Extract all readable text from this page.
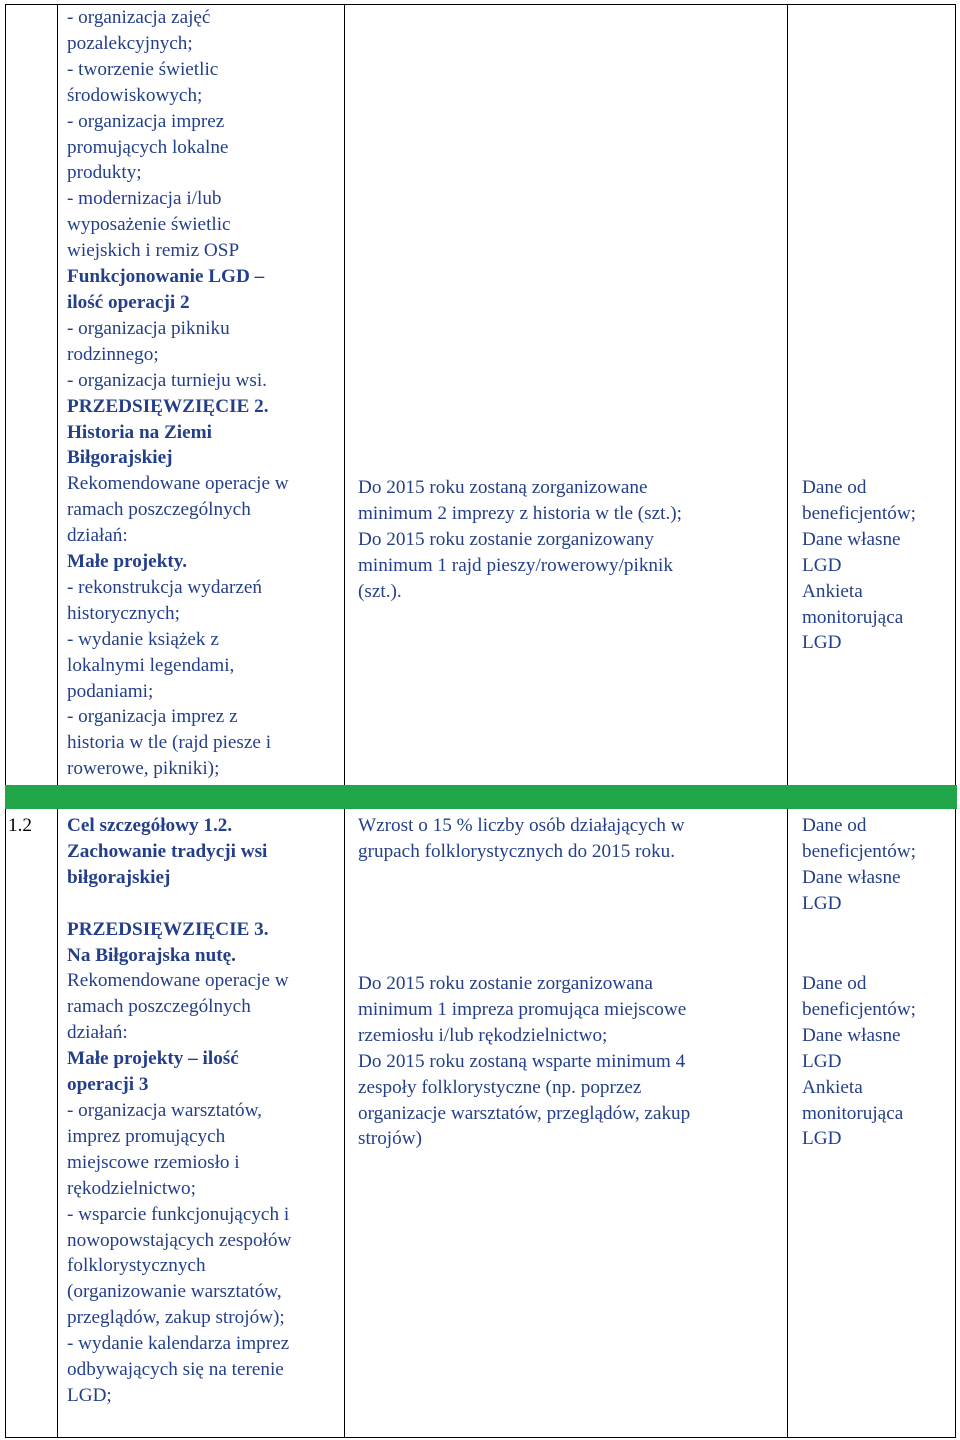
- organizacja zajęć
pozalekcyjnych;
- tworzenie świetlic
środowiskowych;
- organizacja imprez
promujących lokalne
produkty;
- modernizacja i/lub
wyposażenie świetlic
wiejskich i remiz OSP
Funkcjonowanie LGD –
ilość operacji 2
- organizacja pikniku
rodzinnego;
- organizacja turnieju wsi.
PRZEDSIĘWZIĘCIE 2.
Historia na Ziemi
Biłgorajskiej
Rekomendowane operacje w
ramach poszczególnych
działań:
Małe projekty.
- rekonstrukcja wydarzeń
historycznych;
- wydanie książek z
lokalnymi legendami,
podaniami;
- organizacja imprez z
historia w tle (rajd piesze i
rowerowe, pikniki);
Do 2015 roku zostaną zorganizowane
minimum 2 imprezy z historia w tle (szt.);
Do 2015 roku zostanie zorganizowany
minimum 1 rajd pieszy/rowerowy/piknik
(szt.).
Dane od
beneficjentów;
Dane własne
LGD
Ankieta
monitorująca
LGD
1.2 Cel szczegółowy 1.2.
Zachowanie tradycji wsi
biłgorajskiej

PRZEDSIĘWZIĘCIE 3.
Na Biłgorajska nutę.
Rekomendowane operacje w
ramach poszczególnych
działań:
Małe projekty – ilość
operacji 3
- organizacja warsztatów,
imprez promujących
miejscowe rzemiosło i
rękodzielnictwo;
- wsparcie funkcjonujących i
nowopowstających zespołów
folklorystycznych
(organizowanie warsztatów,
przeglądów, zakup strojów);
- wydanie kalendarza imprez
odbywających się na terenie
LGD;
Wzrost o 15 % liczby osób działających w
grupach folklorystycznych do 2015 roku.
Do 2015 roku zostanie zorganizowana
minimum 1 impreza promująca miejscowe
rzemiosłu i/lub rękodzielnictwo;
Do 2015 roku zostaną wsparte minimum 4
zespoły folklorystyczne (np. poprzez
organizacje warsztatów, przeglądów, zakup
strojów)
Dane od
beneficjentów;
Dane własne
LGD
Dane od
beneficjentów;
Dane własne
LGD
Ankieta
monitorująca
LGD
